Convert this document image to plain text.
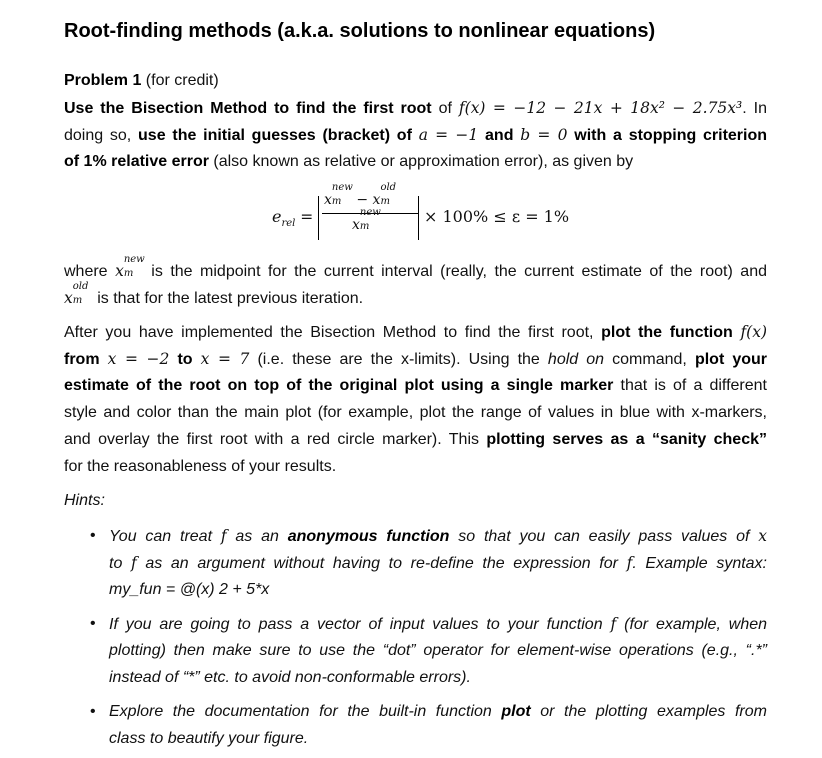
Root-finding methods (a.k.a. solutions to nonlinear equations)
Problem 1 (for credit)
Use the Bisection Method to find the first root of f(x) = −12 − 21x + 18x² − 2.75x³. In
doing so, use the initial guesses (bracket) of a = −1 and b = 0 with a stopping criterion
of 1% relative error (also known as relative or approximation error), as given by
$e_{rel}$ =
x
new
m − x
old
m
x
new
m
× 100% ≤ ε = 1%
where x
new
m is the midpoint for the current interval (really, the current estimate of the root) and
x
old
m is that for the latest previous iteration.
After you have implemented the Bisection Method to find the first root, plot the function f(x)
from x = −2 to x = 7 (i.e. these are the x-limits). Using the hold on command, plot your
estimate of the root on top of the original plot using a single marker that is of a different
style and color than the main plot (for example, plot the range of values in blue with x-markers,
and overlay the first root with a red circle marker). This plotting serves as a “sanity check”
for the reasonableness of your results.
Hints:
• You can treat f as an anonymous function so that you can easily pass values of x
to f as an argument without having to re-define the expression for f. Example syntax:
my_fun = @(x) 2 + 5*x
• If you are going to pass a vector of input values to your function f (for example, when
plotting) then make sure to use the “dot” operator for element-wise operations (e.g., “.*”
instead of “*” etc. to avoid non-conformable errors).
• Explore the documentation for the built-in function plot or the plotting examples from
class to beautify your figure.
